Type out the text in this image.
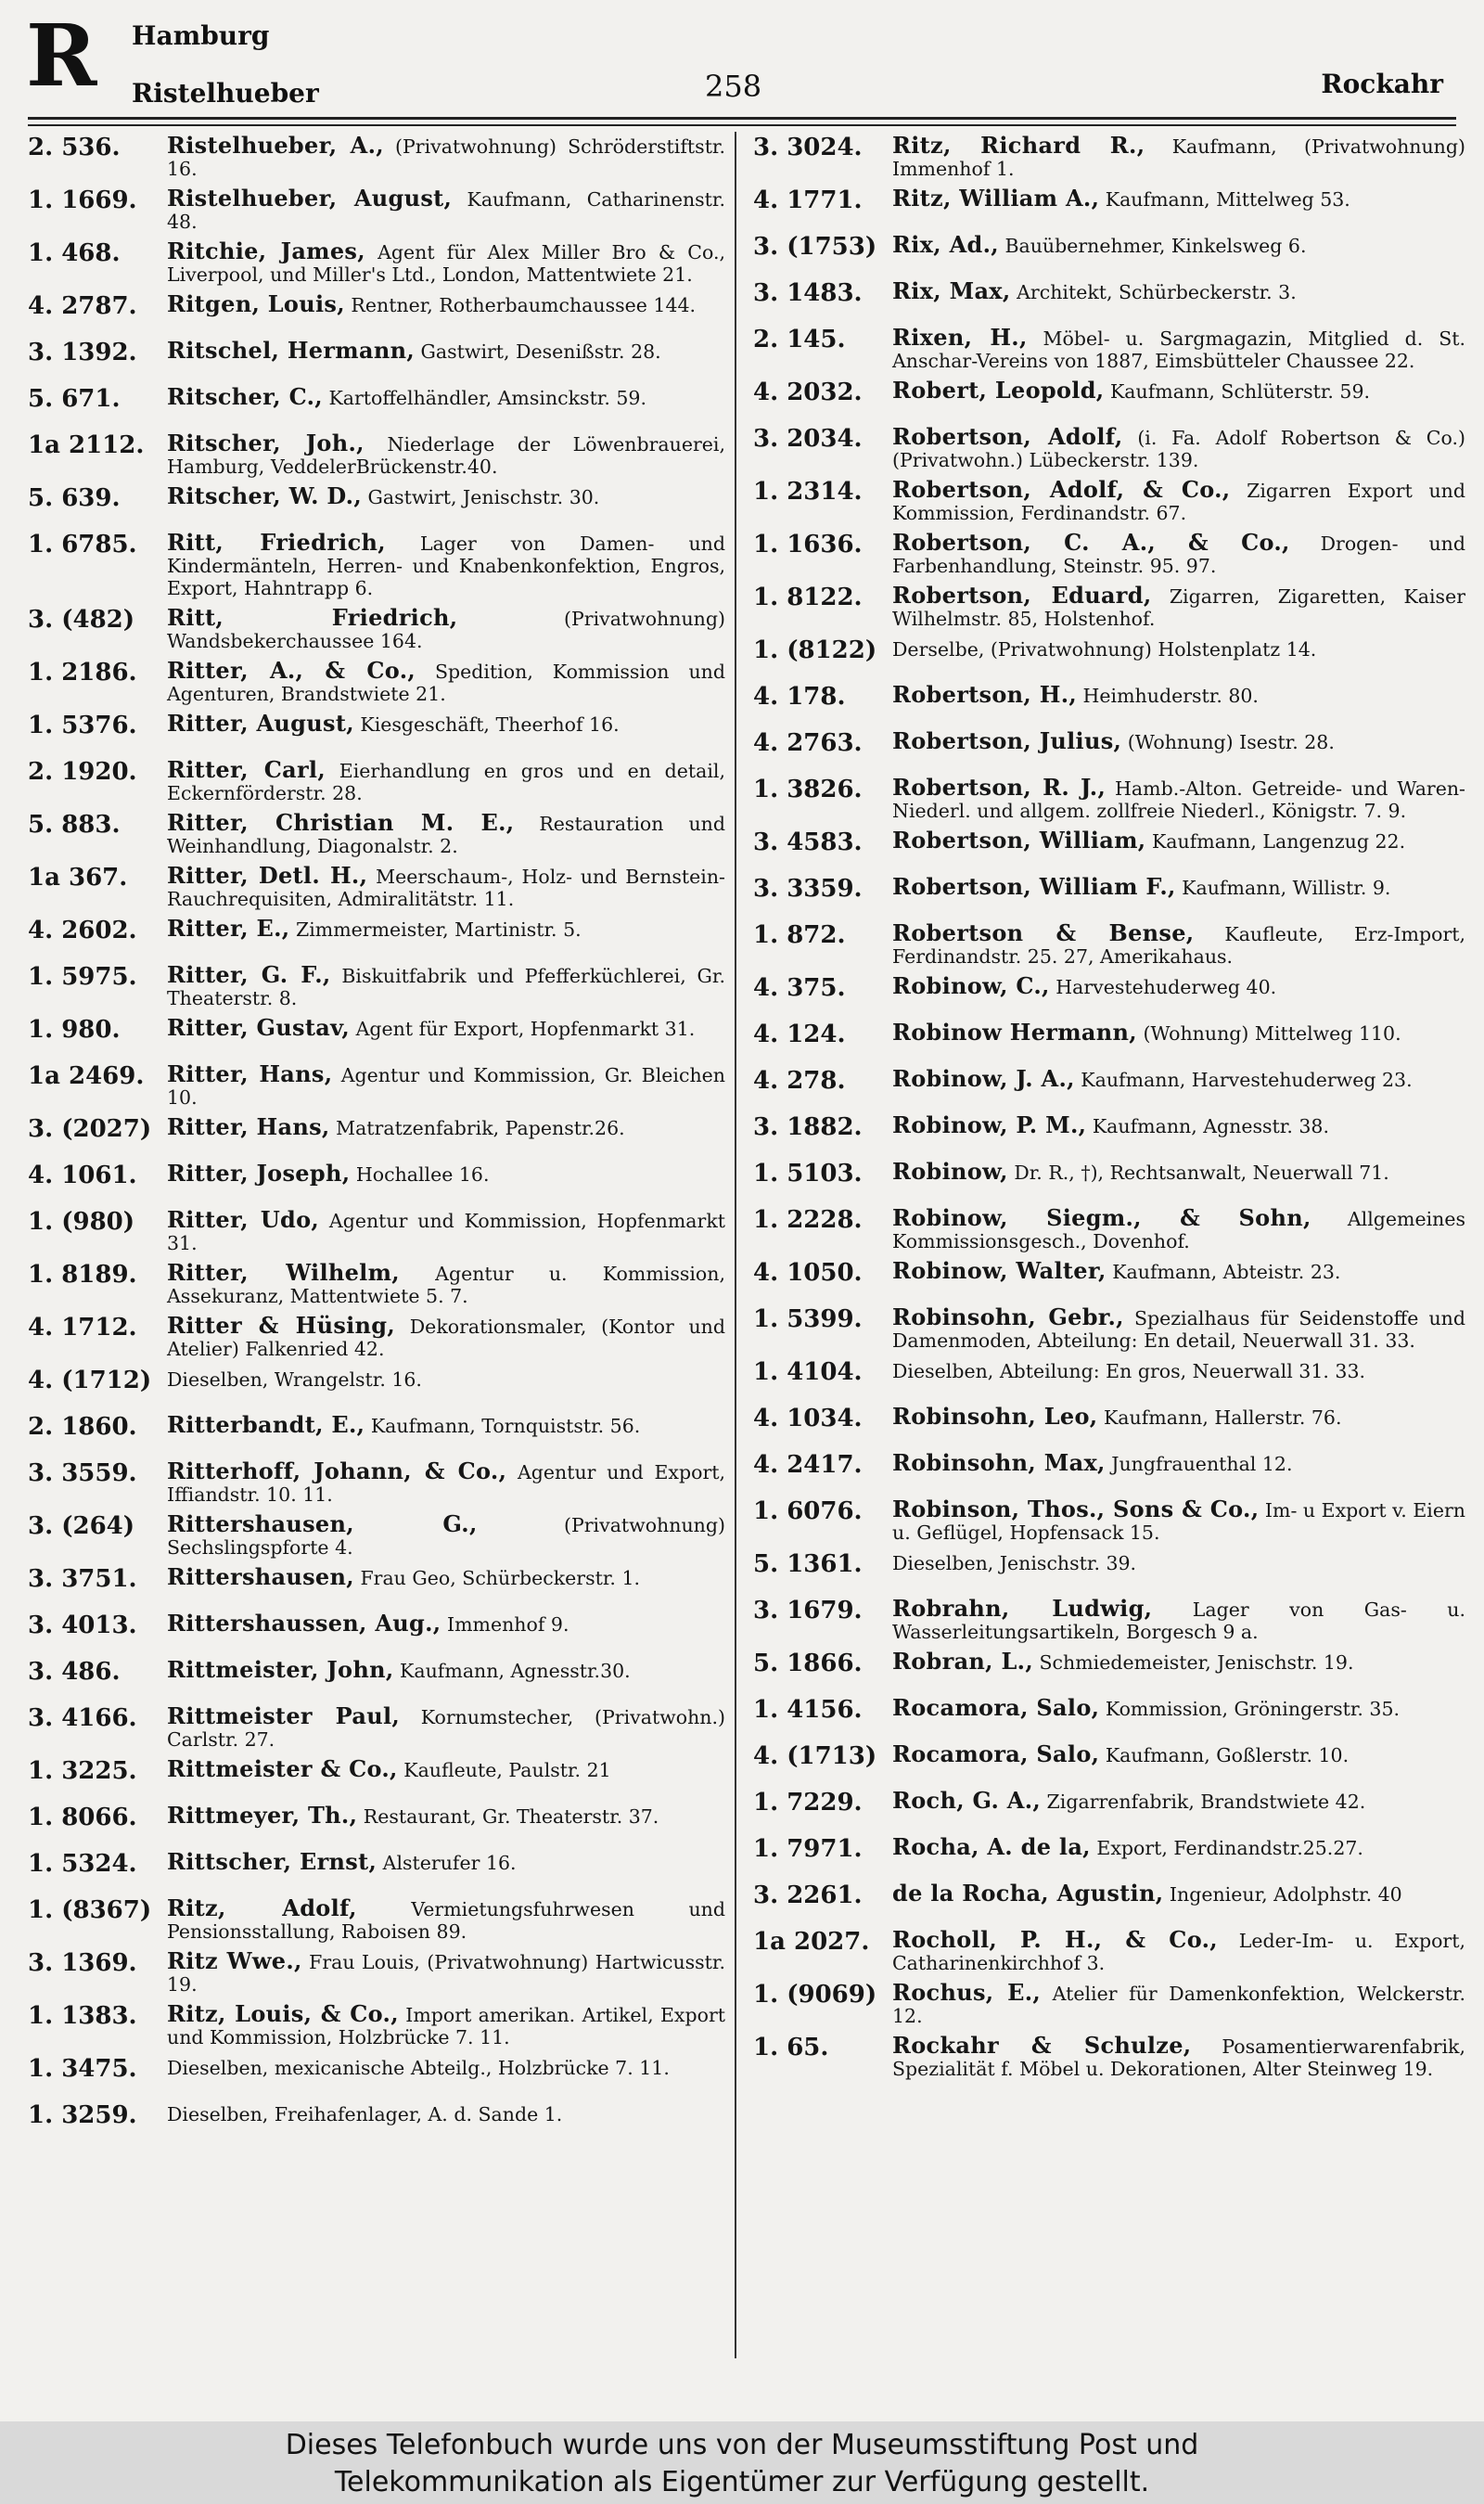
R Hamburg
Ristelhueber	258	Rockahr
2. 536.	Ristelhueber, A., (Privatwohnung) Schröderstiftstr. 16.
1. 1669.	Ristelhueber, August, Kaufmann, Catharinenstr. 48.
1. 468.	Ritchie, James, Agent für Alex Miller Bro & Co., Liverpool, und Miller's Ltd., London, Mattentwiete 21.
4. 2787.	Ritgen, Louis, Rentner, Rotherbaumchaussee 144.
3. 1392.	Ritschel, Hermann, Gastwirt, Desenißstr. 28.
5. 671.	Ritscher, C., Kartoffelhändler, Amsinckstr. 59.
1a 2112.	Ritscher, Joh., Niederlage der Löwenbrauerei, Hamburg, VeddelerBrückenstr.40.
5. 639.	Ritscher, W. D., Gastwirt, Jenischstr. 30.
1. 6785.	Ritt, Friedrich, Lager von Damen- und Kindermänteln, Herren- und Knabenkonfektion, Engros, Export, Hahntrapp 6.
3. (482)	Ritt, Friedrich,	(Privatwohnung) Wandsbekerchaussee 164.
1. 2186.	Ritter, A., & Co., Spedition, Kommission und Agenturen, Brandstwiete 21.
1. 5376.	Ritter, August, Kiesgeschäft, Theerhof 16.
2. 1920.	Ritter, Carl, Eierhandlung en gros und en detail, Eckernförderstr. 28.
5. 883.	Ritter, Christian M. E., Restauration und Weinhandlung, Diagonalstr. 2.
1a 367.	Ritter, Detl. H., Meerschaum-, Holz- und Bernstein-Rauchrequisiten, Admiralitätstr. 11.
4. 2602.	Ritter, E., Zimmermeister, Martinistr. 5.
1. 5975.	Ritter, G. F., Biskuitfabrik und Pfefferküchlerei, Gr. Theaterstr. 8.
1. 980.	Ritter, Gustav, Agent für Export, Hopfenmarkt 31.
1a 2469.	Ritter, Hans, Agentur und Kommission, Gr. Bleichen 10.
3. (2027) Ritter, Hans, Matratzenfabrik, Papenstr.26.
4. 1061.	Ritter, Joseph, Hochallee 16.
1. (980)	Ritter, Udo, Agentur und Kommission, Hopfenmarkt 31.
1. 8189.	Ritter, Wilhelm, Agentur u. Kommission, Assekuranz, Mattentwiete 5. 7.
4. 1712.	Ritter & Hüsing, Dekorationsmaler, (Kontor und Atelier) Falkenried 42.
4. (1712) Dieselben, Wrangelstr. 16.
2. 1860.	Ritterbandt, E., Kaufmann, Tornquiststr. 56.
3. 3559.	Ritterhoff, Johann, & Co., Agentur und Export, Iffiandstr. 10. 11.
3. (264)	Rittershausen, G.,	(Privatwohnung) Sechslingspforte 4.
3. 3751.	Rittershausen, Frau Geo, Schürbeckerstr. 1.
3. 4013.	Rittershaussen, Aug., Immenhof 9.
3. 486.	Rittmeister, John, Kaufmann, Agnesstr.30.
3. 4166.	Rittmeister Paul, Kornumstecher, (Privatwohn.) Carlstr. 27.
1. 3225.	Rittmeister & Co., Kaufleute, Paulstr. 21
1. 8066.	Rittmeyer, Th., Restaurant, Gr. Theaterstr. 37.
1. 5324.	Rittscher, Ernst, Alsterufer 16.
1. (8367) Ritz, Adolf,	Vermietungsfuhrwesen und Pensionsstallung, Raboisen 89.
3. 1369.	Ritz Wwe., Frau Louis, (Privatwohnung) Hartwicusstr. 19.
1. 1383.	Ritz, Louis, & Co., Import amerikan. Artikel, Export und Kommission, Holzbrücke 7. 11.
1. 3475.	Dieselben, mexicanische Abteilg., Holzbrücke 7. 11.
1. 3259.	Dieselben, Freihafenlager, A. d. Sande 1.
3. 3024.	Ritz, Richard R., Kaufmann, (Privatwohnung) Immenhof 1.
4. 1771.	Ritz, William A., Kaufmann, Mittelweg 53.
3. (1753) Rix, Ad., Bauübernehmer, Kinkelsweg 6.
3. 1483.	Rix, Max, Architekt, Schürbeckerstr. 3.
2. 145.	Rixen, H., Möbel- u. Sargmagazin, Mitglied d. St. Anschar-Vereins von 1887, Eimsbütteler Chaussee 22.
4. 2032.	Robert, Leopold, Kaufmann, Schlüterstr. 59.
3. 2034.	Robertson, Adolf, (i. Fa. Adolf Robertson & Co.) (Privatwohn.) Lübeckerstr. 139.
1. 2314.	Robertson, Adolf, & Co., Zigarren Export und Kommission, Ferdinandstr. 67.
1. 1636.	Robertson, C. A., & Co., Drogen- und Farbenhandlung, Steinstr. 95. 97.
1. 8122.	Robertson, Eduard, Zigarren, Zigaretten, Kaiser Wilhelmstr. 85, Holstenhof.
1. (8122) Derselbe, (Privatwohnung) Holstenplatz 14.
4. 178.	Robertson, H., Heimhuderstr. 80.
4. 2763.	Robertson, Julius, (Wohnung) Isestr. 28.
1. 3826.	Robertson, R. J., Hamb.-Alton. Getreide- und Waren-Niederl. und allgem. zollfreie Niederl., Königstr. 7. 9.
3. 4583.	Robertson, William, Kaufmann, Langenzug 22.
3. 3359.	Robertson, William F., Kaufmann, Willistr. 9.
1. 872.	Robertson & Bense, Kaufleute, Erz-Import, Ferdinandstr. 25. 27, Amerikahaus.
4. 375.	Robinow, C., Harvestehuderweg 40.
4. 124.	Robinow Hermann, (Wohnung) Mittelweg 110.
4. 278.	Robinow, J. A., Kaufmann, Harvestehuderweg 23.
3. 1882.	Robinow, P. M., Kaufmann, Agnesstr. 38.
1. 5103.	Robinow, Dr. R., †), Rechtsanwalt, Neuerwall 71.
1. 2228.	Robinow, Siegm., & Sohn, Allgemeines Kommissionsgesch., Dovenhof.
4. 1050.	Robinow, Walter, Kaufmann, Abteistr. 23.
1. 5399.	Robinsohn, Gebr., Spezialhaus für Seidenstoffe und Damenmoden, Abteilung: En detail, Neuerwall 31. 33.
1. 4104.	Dieselben, Abteilung: En gros, Neuerwall 31. 33.
4. 1034.	Robinsohn, Leo, Kaufmann, Hallerstr. 76.
4. 2417.	Robinsohn, Max, Jungfrauenthal 12.
1. 6076.	Robinson, Thos., Sons & Co., Im- u Export v. Eiern u. Geflügel, Hopfensack 15.
5. 1361.	Dieselben, Jenischstr. 39.
3. 1679.	Robrahn, Ludwig, Lager von Gas- u. Wasserleitungsartikeln, Borgesch 9 a.
5. 1866.	Robran, L., Schmiedemeister, Jenischstr. 19.
1. 4156.	Rocamora, Salo, Kommission, Gröningerstr. 35.
4. (1713) Rocamora, Salo, Kaufmann, Goßlerstr. 10.
1. 7229.	Roch, G. A., Zigarrenfabrik, Brandstwiete 42.
1. 7971.	Rocha, A. de la, Export, Ferdinandstr.25.27.
3. 2261.	de la Rocha, Agustin, Ingenieur, Adolphstr. 40
1a 2027.	Rocholl, P. H., & Co., Leder-Im- u. Export, Catharinenkirchhof 3.
1. (9069) Rochus, E., Atelier für Damenkonfektion, Welckerstr. 12.
1. 65.	Rockahr & Schulze, Posamentierwarenfabrik, Spezialität f. Möbel u. Dekorationen, Alter Steinweg 19.
Dieses Telefonbuch wurde uns von der Museumsstiftung Post und
Telekommunikation als Eigentümer zur Verfügung gestellt.
